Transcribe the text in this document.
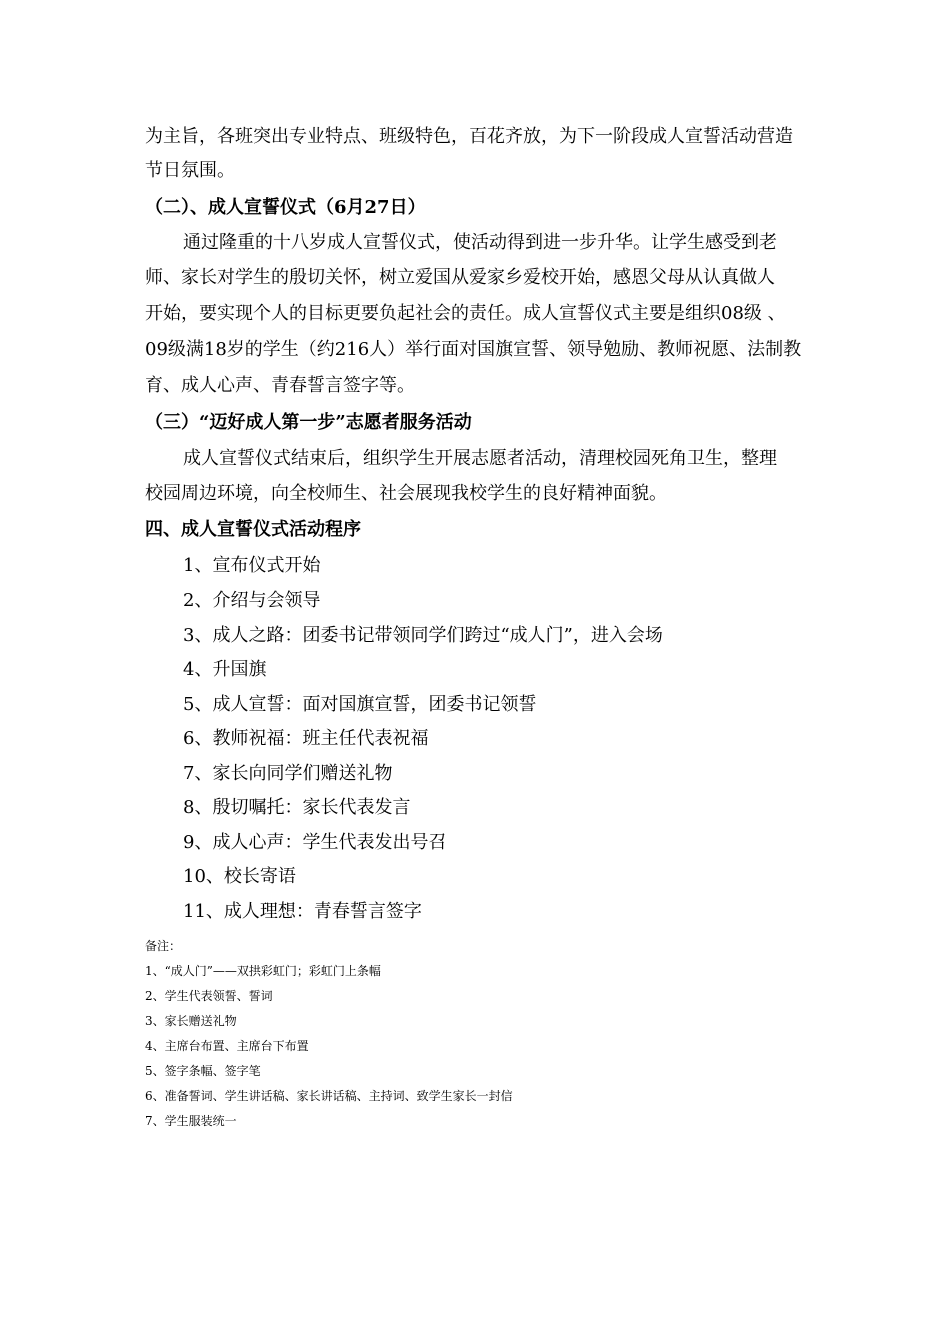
为主旨，各班突出专业特点、班级特色，百花齐放，为下一阶段成人宣誓活动营造
节日氛围。
（二）、成人宣誓仪式（6月27日）
通过隆重的十八岁成人宣誓仪式，使活动得到进一步升华。让学生感受到老
师、家长对学生的殷切关怀，树立爱国从爱家乡爱校开始，感恩父母从认真做人
开始，要实现个人的目标更要负起社会的责任。成人宣誓仪式主要是组织08级 、
09级满18岁的学生（约216人）举行面对国旗宣誓、领导勉励、教师祝愿、法制教
育、成人心声、青春誓言签字等。
（三）“迈好成人第一步”志愿者服务活动
成人宣誓仪式结束后，组织学生开展志愿者活动，清理校园死角卫生，整理
校园周边环境，向全校师生、社会展现我校学生的良好精神面貌。
四、成人宣誓仪式活动程序
1、宣布仪式开始
2、介绍与会领导
3、成人之路：团委书记带领同学们跨过“成人门”，进入会场
4、升国旗
5、成人宣誓：面对国旗宣誓，团委书记领誓
6、教师祝福：班主任代表祝福
7、家长向同学们赠送礼物
8、殷切嘱托：家长代表发言
9、成人心声：学生代表发出号召
10、校长寄语
11、成人理想：青春誓言签字
备注：
1、“成人门”——双拱彩虹门；彩虹门上条幅
2、学生代表领誓、誓词
3、家长赠送礼物
4、主席台布置、主席台下布置
5、签字条幅、签字笔
6、准备誓词、学生讲话稿、家长讲话稿、主持词、致学生家长一封信
7、学生服装统一
